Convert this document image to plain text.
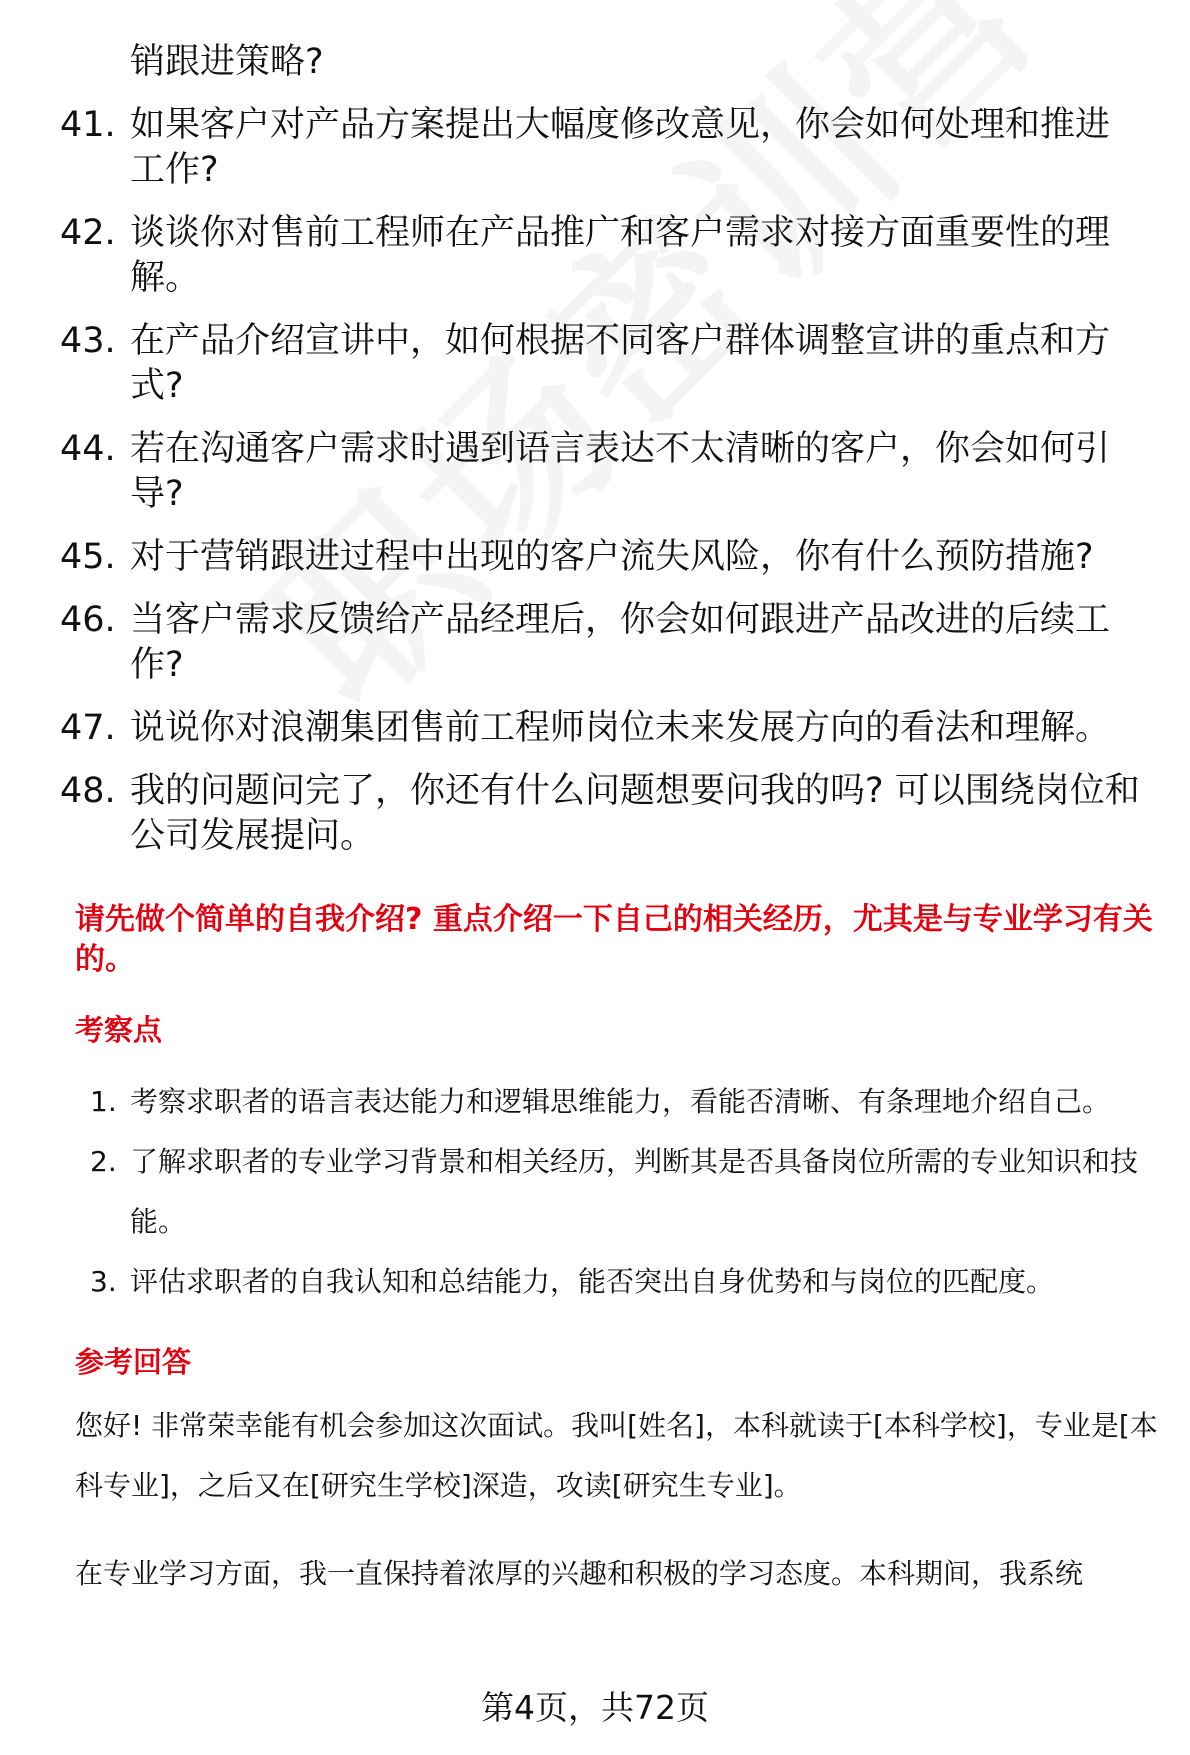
销跟进策略?
41. 如果客户对产品方案提出大幅度修改意见，你会如何处理和推进工作?
42. 谈谈你对售前工程师在产品推广和客户需求对接方面重要性的理解。
43. 在产品介绍宣讲中，如何根据不同客户群体调整宣讲的重点和方式?
44. 若在沟通客户需求时遇到语言表达不太清晰的客户，你会如何引导?
45. 对于营销跟进过程中出现的客户流失风险，你有什么预防措施?
46. 当客户需求反馈给产品经理后，你会如何跟进产品改进的后续工作?
47. 说说你对浪潮集团售前工程师岗位未来发展方向的看法和理解。
48. 我的问题问完了，你还有什么问题想要问我的吗? 可以围绕岗位和公司发展提问。

请先做个简单的自我介绍? 重点介绍一下自己的相关经历，尤其是与专业学习有关的。

考察点
1. 考察求职者的语言表达能力和逻辑思维能力，看能否清晰、有条理地介绍自己。
2. 了解求职者的专业学习背景和相关经历，判断其是否具备岗位所需的专业知识和技能。
3. 评估求职者的自我认知和总结能力，能否突出自身优势和与岗位的匹配度。
参考回答

您好! 非常荣幸能有机会参加这次面试。我叫[姓名]，本科就读于[本科学校]，专业是[本科专业]，之后又在[研究生学校]深造，攻读[研究生专业]。

在专业学习方面，我一直保持着浓厚的兴趣和积极的学习态度。本科期间，我系统

第4页，共72页
